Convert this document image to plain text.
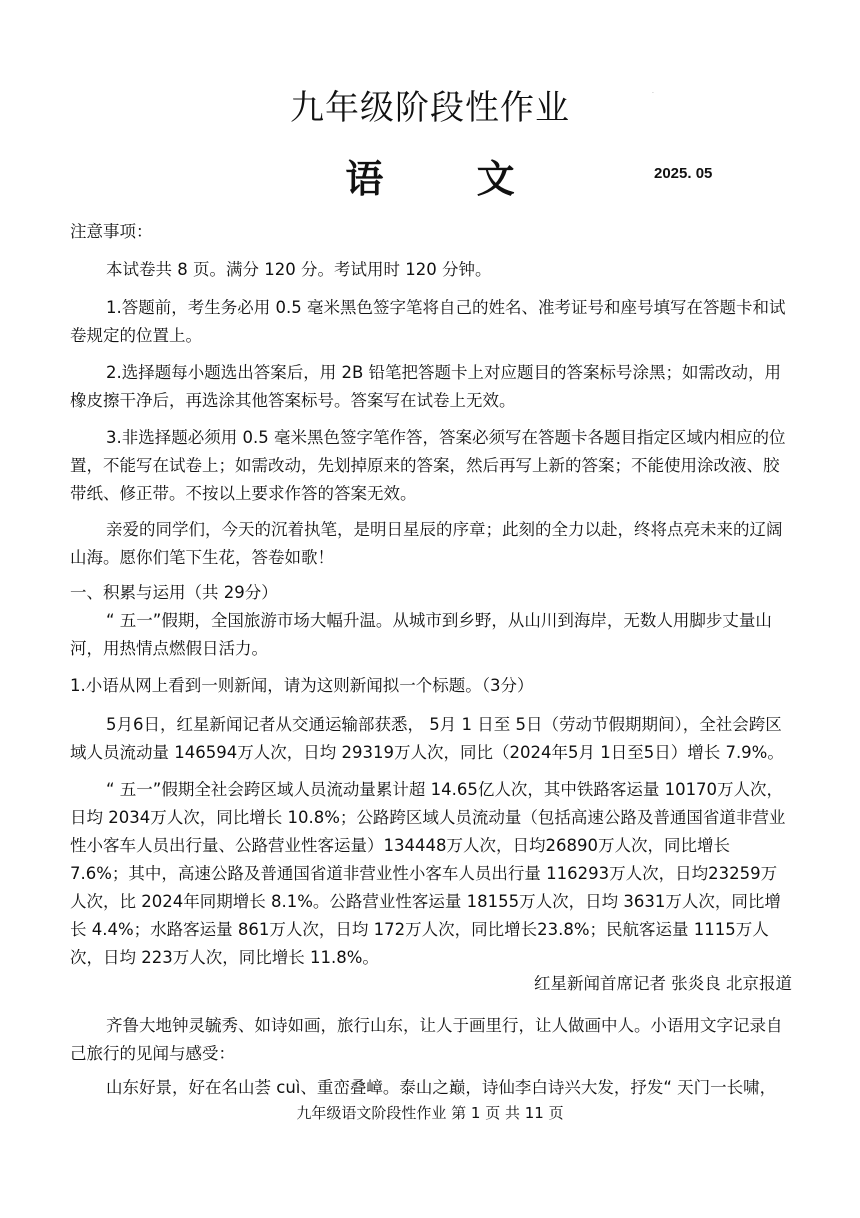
九年级阶段性作业	·
语 文	2025. 05
注意事项：
本试卷共 8 页。满分 120 分。考试用时 120 分钟。
1.答题前，考生务必用 0.5 毫米黑色签字笔将自己的姓名、准考证号和座号填写在答题卡和试卷规定的位置上。
2.选择题每小题选出答案后，用 2B 铅笔把答题卡上对应题目的答案标号涂黑；如需改动，用橡皮擦干净后，再选涂其他答案标号。答案写在试卷上无效。
3.非选择题必须用 0.5 毫米黑色签字笔作答，答案必须写在答题卡各题目指定区域内相应的位置，不能写在试卷上；如需改动，先划掉原来的答案，然后再写上新的答案；不能使用涂改液、胶带纸、修正带。不按以上要求作答的答案无效。
亲爱的同学们，今天的沉着执笔，是明日星辰的序章；此刻的全力以赴，终将点亮未来的辽阔山海。愿你们笔下生花，答卷如歌！
一、积累与运用（共 29分）
“ 五一”假期，全国旅游市场大幅升温。从城市到乡野，从山川到海岸，无数人用脚步丈量山河，用热情点燃假日活力。
1.小语从网上看到一则新闻，请为这则新闻拟一个标题。（3分）
5月6日，红星新闻记者从交通运输部获悉， 5月 1 日至 5日（劳动节假期期间），全社会跨区域人员流动量 146594万人次，日均 29319万人次，同比（2024年5月 1日至5日）增长 7.9%。
“ 五一”假期全社会跨区域人员流动量累计超 14.65亿人次，其中铁路客运量 10170万人次，日均 2034万人次，同比增长 10.8%；公路跨区域人员流动量（包括高速公路及普通国省道非营业性小客车人员出行量、公路营业性客运量）134448万人次，日均26890万人次，同比增长 7.6%；其中，高速公路及普通国省道非营业性小客车人员出行量 116293万人次，日均23259万人次，比 2024年同期增长 8.1%。公路营业性客运量 18155万人次，日均 3631万人次，同比增长 4.4%；水路客运量 861万人次，日均 172万人次，同比增长23.8%；民航客运量 1115万人次，日均 223万人次，同比增长 11.8%。
红星新闻首席记者 张炎良 北京报道
齐鲁大地钟灵毓秀、如诗如画，旅行山东，让人于画里行，让人做画中人。小语用文字记录自己旅行的见闻与感受：
山东好景，好在名山荟 cuì、重峦叠嶂。泰山之巅，诗仙李白诗兴大发，抒发“ 天门一长啸，
九年级语文阶段性作业 第 1 页 共 11 页
